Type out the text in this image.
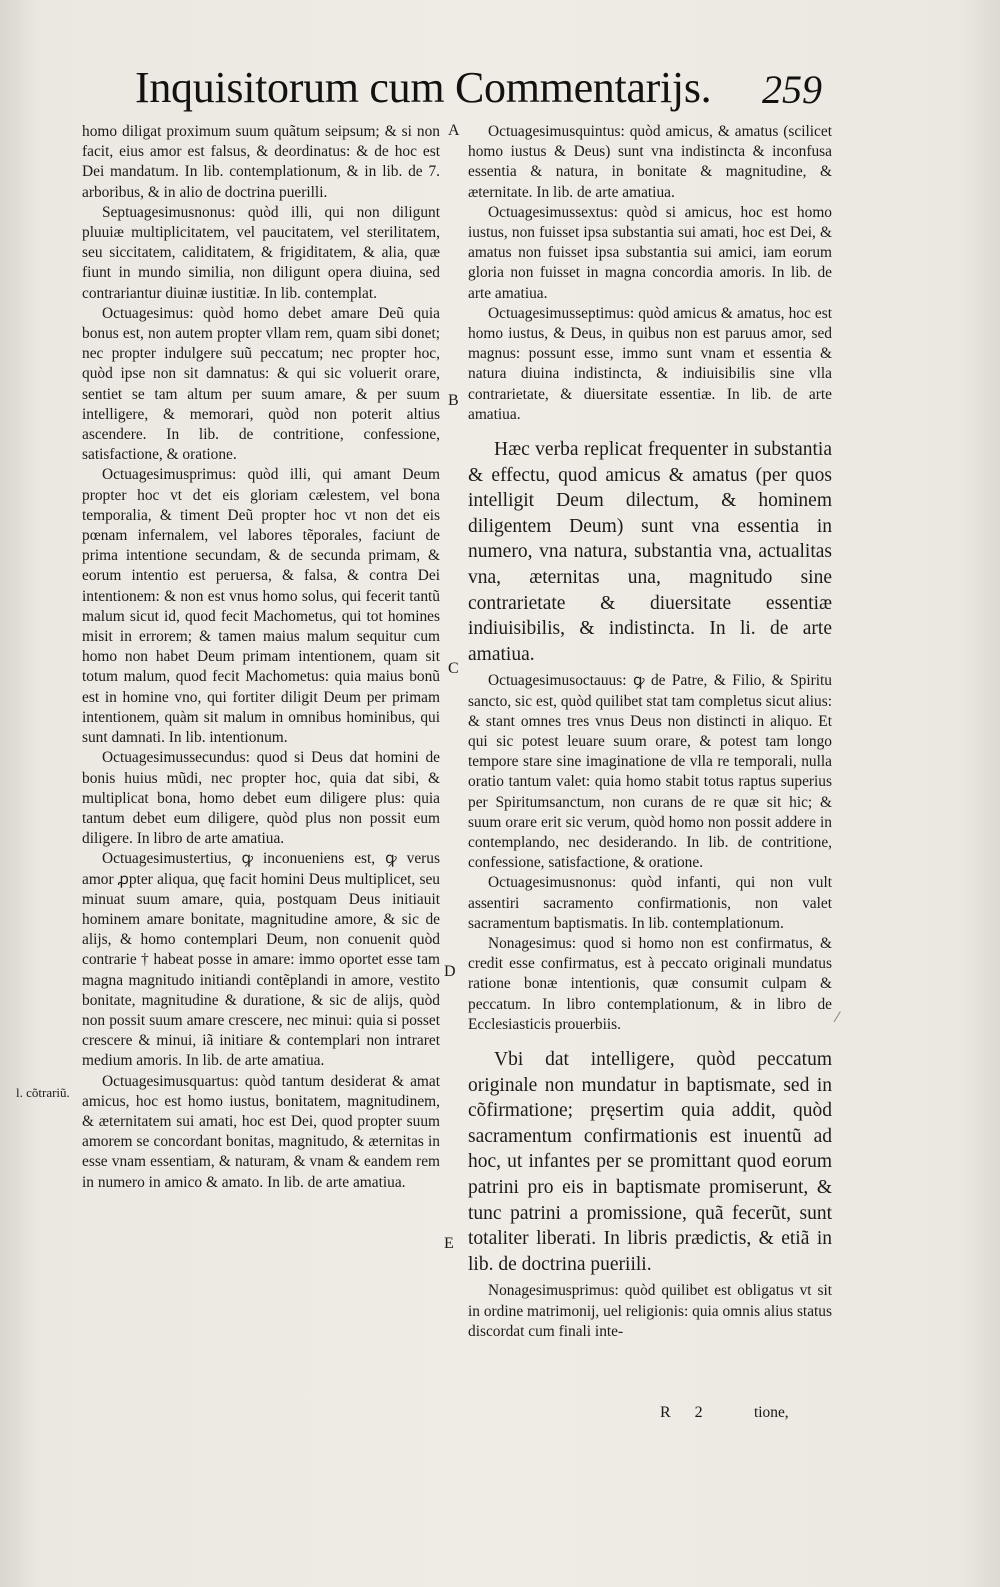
Inquisitorum cum Commentarijs. 259

homo diligat proximum suum quãtum seipsum; & si non facit, eius amor est falsus, & deordinatus: & de hoc est Dei mandatum. In lib. contemplationum, & in lib. de 7. arboribus, & in alio de doctrina puerilli.

Septuagesimusnonus: quòd illi, qui non diligunt pluuiæ multiplicitatem, vel paucitatem, vel sterilitatem, seu siccitatem, caliditatem, & frigiditatem, & alia, quæ fiunt in mundo similia, non diligunt opera diuina, sed contrariantur diuinæ iustitiæ. In lib. contemplat.

Octuagesimus: quòd homo debet amare Deũ quia bonus est, non autem propter vllam rem, quam sibi donet; nec propter indulgere suũ peccatum; nec propter hoc, quòd ipse non sit damnatus: & qui sic voluerit orare, sentiet se tam altum per suum amare, & per suum intelligere, & memorari, quòd non poterit altius ascendere. In lib. de contritione, confessione, satisfactione, & oratione.

Octuagesimusprimus: quòd illi, qui amant Deum propter hoc vt det eis gloriam cælestem, vel bona temporalia, & timent Deũ propter hoc vt non det eis pœnam infernalem, vel labores tẽporales, faciunt de prima intentione secundam, & de secunda primam, & eorum intentio est peruersa, & falsa, & contra Dei intentionem: & non est vnus homo solus, qui fecerit tantũ malum sicut id, quod fecit Machometus, qui tot homines misit in errorem; & tamen maius malum sequitur cum homo non habet Deum primam intentionem, quam sit totum malum, quod fecit Machometus: quia maius bonũ est in homine vno, qui fortiter diligit Deum per primam intentionem, quàm sit malum in omnibus hominibus, qui sunt damnati. In lib. intentionum.

Octuagesimussecundus: quod si Deus dat homini de bonis huius mũdi, nec propter hoc, quia dat sibi, & multiplicat bona, homo debet eum diligere plus: quia tantum debet eum diligere, quòd plus non possit eum diligere. In libro de arte amatiua.

Octuagesimustertius, ꝙ inconueniens est, ꝙ verus amor ꝓpter aliqua, quę facit homini Deus multiplicet, seu minuat suum amare, quia, postquam Deus initiauit hominem amare bonitate, magnitudine amore, & sic de alijs, & homo contemplari Deum, non conuenit quòd contrarie † habeat posse in amare: immo oportet esse tam magna magnitudo initiandi contẽplandi in amore, vestito bonitate, magnitudine & duratione, & sic de alijs, quòd non possit suum amare crescere, nec minui: quia si posset crescere & minui, iã initiare & contemplari non intraret medium amoris. In lib. de arte amatiua.

Octuagesimusquartus: quòd tantum desiderat & amat amicus, hoc est homo iustus, bonitatem, magnitudinem, & æternitatem sui amati, hoc est Dei, quod propter suum amorem se concordant bonitas, magnitudo, & æternitas in esse vnam essentiam, & naturam, & vnam & eandem rem in numero in amico & amato. In lib. de arte amatiua.

Octuagesimusquintus: quòd amicus, & amatus (scilicet homo iustus & Deus) sunt vna indistincta & inconfusa essentia & natura, in bonitate & magnitudine, & æternitate. In lib. de arte amatiua.

Octuagesimussextus: quòd si amicus, hoc est homo iustus, non fuisset ipsa substantia sui amati, hoc est Dei, & amatus non fuisset ipsa substantia sui amici, iam eorum gloria non fuisset in magna concordia amoris. In lib. de arte amatiua.

Octuagesimusseptimus: quòd amicus & amatus, hoc est homo iustus, & Deus, in quibus non est paruus amor, sed magnus: possunt esse, immo sunt vnam et essentia & natura diuina indistincta, & indiuisibilis sine vlla contrarietate, & diuersitate essentiæ. In lib. de arte amatiua.

Hæc verba replicat frequenter in substantia & effectu, quod amicus & amatus (per quos intelligit Deum dilectum, & hominem diligentem Deum) sunt vna essentia in numero, vna natura, substantia vna, actualitas vna, æternitas una, magnitudo sine contrarietate & diuersitate essentiæ indiuisibilis, & indistincta. In li. de arte amatiua.

Octuagesimusoctauus: ꝙ de Patre, & Filio, & Spiritu sancto, sic est, quòd quilibet stat tam completus sicut alius: & stant omnes tres vnus Deus non distincti in aliquo. Et qui sic potest leuare suum orare, & potest tam longo tempore stare sine imaginatione de vlla re temporali, nulla oratio tantum valet: quia homo stabit totus raptus superius per Spiritumsanctum, non curans de re quæ sit hic; & suum orare erit sic verum, quòd homo non possit addere in contemplando, nec desiderando. In lib. de contritione, confessione, satisfactione, & oratione.

Octuagesimusnonus: quòd infanti, qui non vult assentiri sacramento confirmationis, non valet sacramentum baptismatis. In lib. contemplationum.

Nonagesimus: quod si homo non est confirmatus, & credit esse confirmatus, est à peccato originali mundatus ratione bonæ intentionis, quæ consumit culpam & peccatum. In libro contemplationum, & in libro de Ecclesiasticis prouerbiis.

Vbi dat intelligere, quòd peccatum originale non mundatur in baptismate, sed in cõfirmatione; pręsertim quia addit, quòd sacramentum confirmationis est inuentũ ad hoc, ut infantes per se promittant quod eorum patrini pro eis in baptismate promiserunt, & tunc patrini a promissione, quã fecerũt, sunt totaliter liberati. In libris prædictis, & etiã in lib. de doctrina pueriili.

Nonagesimusprimus: quòd quilibet est obligatus vt sit in ordine matrimonij, uel religionis: quia omnis alius status discordat cum finali inte-

A
B
C
D
E
l. cõtrariũ.
⁄
R 2	tione,
